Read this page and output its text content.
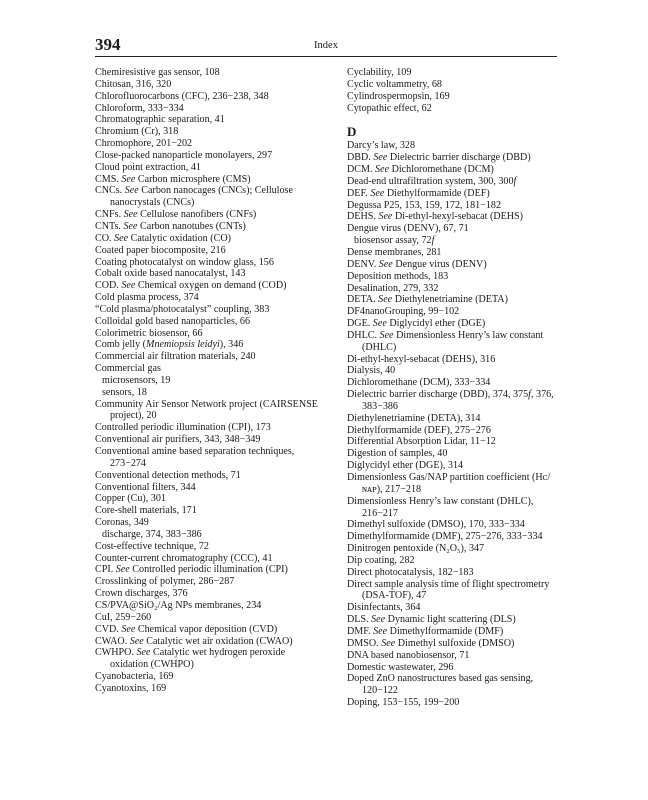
394	Index
Chemiresistive gas sensor, 108
Chitosan, 316, 320
Chlorofluorocarbons (CFC), 236−238, 348
Chloroform, 333−334
Chromatographic separation, 41
Chromium (Cr), 318
Chromophore, 201−202
Close-packed nanoparticle monolayers, 297
Cloud point extraction, 41
CMS. See Carbon microsphere (CMS)
CNCs. See Carbon nanocages (CNCs); Cellulose nanocrystals (CNCs)
CNFs. See Cellulose nanofibers (CNFs)
CNTs. See Carbon nanotubes (CNTs)
CO. See Catalytic oxidation (CO)
Coated paper biocomposite, 216
Coating photocatalyst on window glass, 156
Cobalt oxide based nanocatalyst, 143
COD. See Chemical oxygen on demand (COD)
Cold plasma process, 374
“Cold plasma/photocatalyst” coupling, 383
Colloidal gold based nanoparticles, 66
Colorimetric biosensor, 66
Comb jelly (Mnemiopsis leidyi), 346
Commercial air filtration materials, 240
Commercial gas
microsensors, 19
sensors, 18
Community Air Sensor Network project (CAIRSENSE project), 20
Controlled periodic illumination (CPI), 173
Conventional air purifiers, 343, 348−349
Conventional amine based separation techniques, 273−274
Conventional detection methods, 71
Conventional filters, 344
Copper (Cu), 301
Core-shell materials, 171
Coronas, 349
discharge, 374, 383−386
Cost-effective technique, 72
Counter-current chromatography (CCC), 41
CPI. See Controlled periodic illumination (CPI)
Crosslinking of polymer, 286−287
Crown discharges, 376
CS/PVA@SiO₂/Ag NPs membranes, 234
CuI, 259−260
CVD. See Chemical vapor deposition (CVD)
CWAO. See Catalytic wet air oxidation (CWAO)
CWHPO. See Catalytic wet hydrogen peroxide oxidation (CWHPO)
Cyanobacteria, 169
Cyanotoxins, 169
Cyclability, 109
Cyclic voltammetry, 68
Cylindrospermopsin, 169
Cytopathic effect, 62
D
Darcy’s law, 328
DBD. See Dielectric barrier discharge (DBD)
DCM. See Dichloromethane (DCM)
Dead-end ultrafiltration system, 300, 300f
DEF. See Diethylformamide (DEF)
Degussa P25, 153, 159, 172, 181−182
DEHS. See Di-ethyl-hexyl-sebacat (DEHS)
Dengue virus (DENV), 67, 71
biosensor assay, 72f
Dense membranes, 281
DENV. See Dengue virus (DENV)
Deposition methods, 183
Desalination, 279, 332
DETA. See Diethylenetriamine (DETA)
DF4nanoGrouping, 99−102
DGE. See Diglycidyl ether (DGE)
DHLC. See Dimensionless Henry’s law constant (DHLC)
Di-ethyl-hexyl-sebacat (DEHS), 316
Dialysis, 40
Dichloromethane (DCM), 333−334
Dielectric barrier discharge (DBD), 374, 375f, 376, 383−386
Diethylenetriamine (DETA), 314
Diethylformamide (DEF), 275−276
Differential Absorption Lidar, 11−12
Digestion of samples, 40
Diglycidyl ether (DGE), 314
Dimensionless Gas/NAP partition coefficient (Hᴄ/ɴᴀᴘ), 217−218
Dimensionless Henry’s law constant (DHLC), 216−217
Dimethyl sulfoxide (DMSO), 170, 333−334
Dimethylformamide (DMF), 275−276, 333−334
Dinitrogen pentoxide (N₂O₅), 347
Dip coating, 282
Direct photocatalysis, 182−183
Direct sample analysis time of flight spectrometry (DSA-TOF), 47
Disinfectants, 364
DLS. See Dynamic light scattering (DLS)
DMF. See Dimethylformamide (DMF)
DMSO. See Dimethyl sulfoxide (DMSO)
DNA based nanobiosensor, 71
Domestic wastewater, 296
Doped ZnO nanostructures based gas sensing, 120−122
Doping, 153−155, 199−200
